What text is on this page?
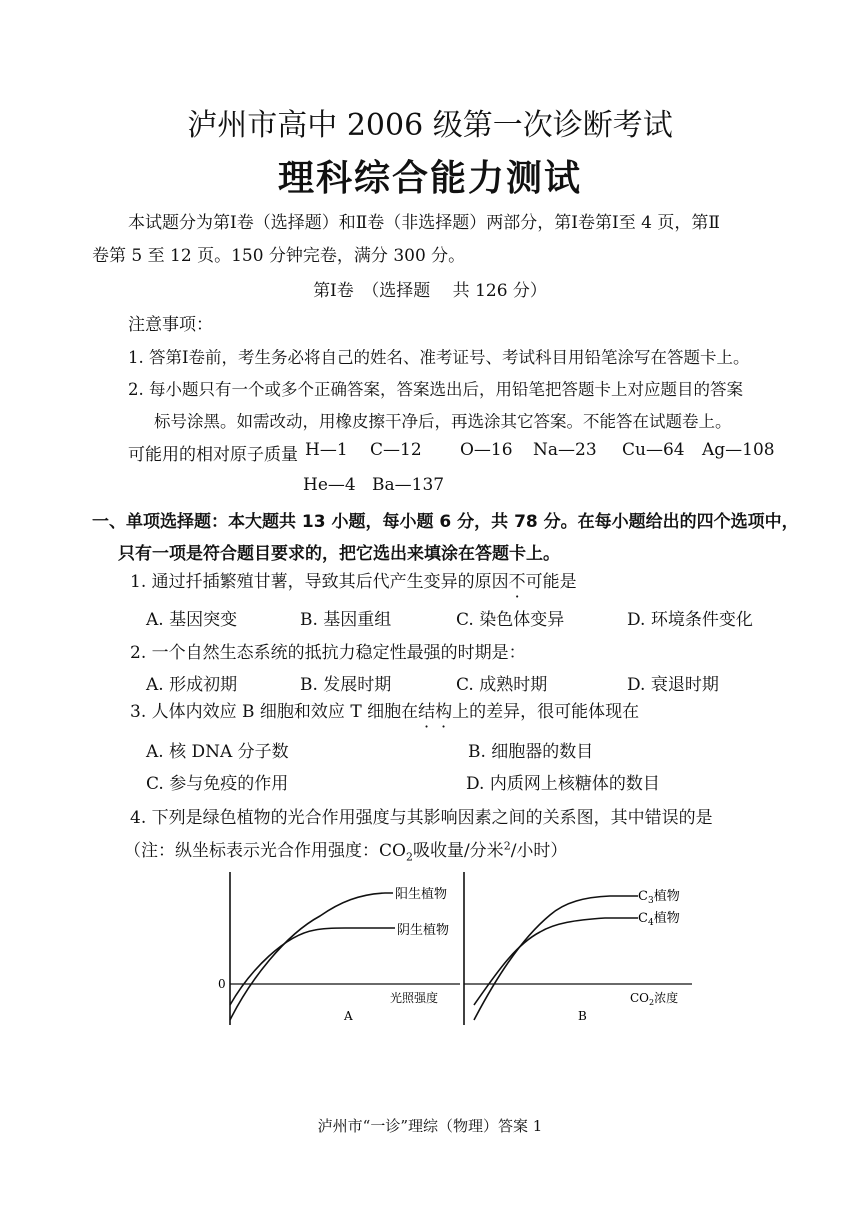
泸州市高中 2006 级第一次诊断考试
理科综合能力测试
本试题分为第Ⅰ卷（选择题）和Ⅱ卷（非选择题）两部分，第Ⅰ卷第Ⅰ至 4 页，第Ⅱ
卷第 5 至 12 页。150 分钟完卷，满分 300 分。
第Ⅰ卷　（选择题　 共 126 分）
注意事项：
1. 答第Ⅰ卷前，考生务必将自己的姓名、准考证号、考试科目用铅笔涂写在答题卡上。
2. 每小题只有一个或多个正确答案，答案选出后，用铅笔把答题卡上对应题目的答案
标号涂黑。如需改动，用橡皮擦干净后，再选涂其它答案。不能答在试题卷上。
可能用的相对原子质量 H—1 C—12 O—16 Na—23 Cu—64 Ag—108
He—4 Ba—137
一、单项选择题：本大题共 13 小题，每小题 6 分，共 78 分。在每小题给出的四个选项中，
只有一项是符合题目要求的，把它选出来填涂在答题卡上。
1. 通过扦插繁殖甘薯，导致其后代产生变异的原因不可能是
A. 基因突变	B. 基因重组	C. 染色体变异	D. 环境条件变化
2. 一个自然生态系统的抵抗力稳定性最强的时期是：
A. 形成初期	B. 发展时期	C. 成熟时期	D. 衰退时期
3. 人体内效应 B 细胞和效应 T 细胞在结构上的差异，很可能体现在
A. 核 DNA 分子数	B. 细胞器的数目
C. 参与免疫的作用	D. 内质网上核糖体的数目
4. 下列是绿色植物的光合作用强度与其影响因素之间的关系图，其中错误的是
（注：纵坐标表示光合作用强度：$CO_2$吸收量/分米$^2$/小时）
0
阳生植物
阴生植物
光照强度
A
$C_3$植物
$C_4$植物
$CO_2$浓度
B
泸州市“一诊”理综（物理）答案 1
